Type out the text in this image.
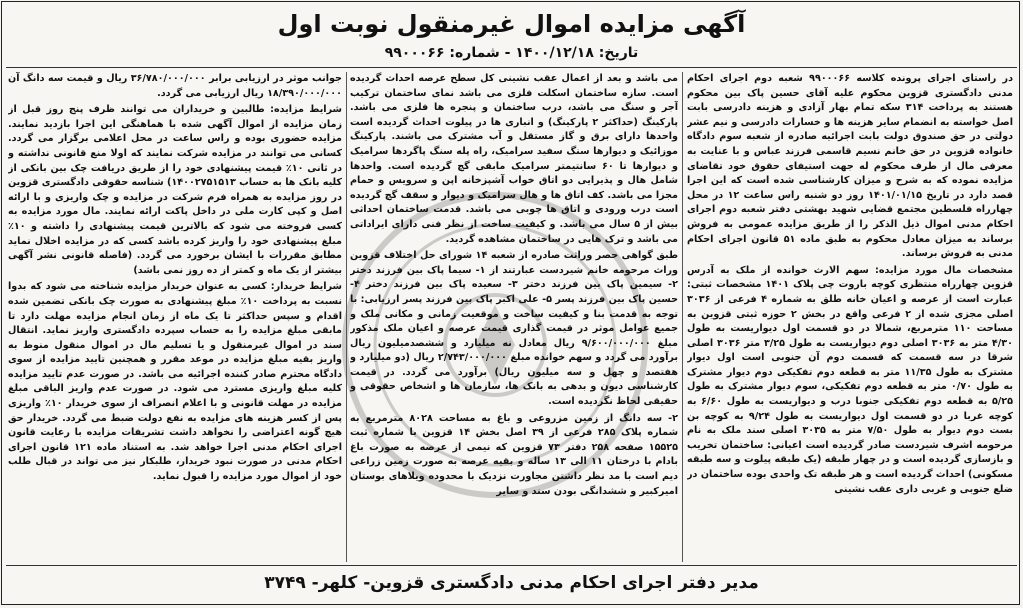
آگهی مزایده اموال غیرمنقول نوبت اول
تاریخ: ۱۴۰۰/۱۲/۱۸ - شماره: ۹۹۰۰۰۶۶

در راستای اجرای پرونده کلاسه ۹۹۰۰۰۶۶ شعبه دوم اجرای احکام مدنی دادگستری قزوین محکوم علیه آقای حسین پاک بین محکوم هستند به پرداخت ۳۱۴ سکه تمام بهار آزادی و هزینه دادرسی بابت اصل خواسته به انضمام سایر هزینه ها و خسارات دادرسی و نیم عشر دولتی در حق صندوق دولت بابت اجرائیه صادره از شعبه سوم دادگاه خانواده قزوین در حق خانم نسیم قاسمی فرزند عباس و با عنایت به معرفی مال از طرف محکوم له جهت استیفای حقوق خود تقاضای مزایده نموده که به شرح و میزان کارشناسی شده است که این اجرا قصد دارد در تاریخ ۱۴۰۱/۰۱/۱۵ روز دو شنبه راس ساعت ۱۲ در محل چهارراه فلسطین مجتمع قضایی شهید بهشتی دفتر شعبه دوم اجرای احکام مدنی اموال ذیل الذکر را از طریق مزایده عمومی به فروش برساند به میزان معادل محکوم به طبق ماده ۵۱ قانون اجرای احکام مدنی به فروش برساند.

مشخصات مال مورد مزایده: سهم الارث خوانده از ملک به آدرس قزوین چهارراه منتظری کوچه باروت چی پلاک ۱۴۰۱ مشخصات ثبتی: عبارت است از عرصه و اعیان خانه طلق به شماره ۴ فرعی از ۳۰۳۶ اصلی مجزی شده از ۲ فرعی واقع در بخش ۲ حوزه ثبتی قزوین به مساحت ۱۱۰ مترمربع، شمالا در دو قسمت اول دیواریست به طول ۴/۳۰ متر به ۳۰۳۶ اصلی دوم دیواریست به طول ۳/۲۵ متر ۳۰۳۶ اصلی شرقا در سه قسمت که قسمت دوم آن جنوبی است اول دیوار مشترک به طول ۱۱/۳۵ متر به قطعه دوم تفکیکی دوم دیوار مشترک به طول ۰/۷۰ متر به قطعه دوم تفکیکی، سوم دیوار مشترک به طول ۵/۲۵ به قطعه دوم تفکیکی جنوبا درب و دیواریست به طول ۶/۶۰ به کوچه غربا در دو قسمت اول دیواریست به طول ۹/۲۴ به کوچه بن بست دوم دیوار به طول ۷/۵۰ متر به ۳۰۳۵ اصلی سند ملک به نام مرحومه اشرف شیردست صادر گردیده است اعیانی: ساختمان تخریب و بازسازی گردیده است و در چهار طبقه (یک طبقه پیلوت و سه طبقه مسکونی) احداث گردیده است و هر طبقه تک واحدی بوده ساختمان در ضلع جنوبی و غربی داری عقب نشینی

می باشد و بعد از اعمال عقب نشینی کل سطح عرصه احداث گردیده است. سازه ساختمان اسکلت فلزی می باشد نمای ساختمان ترکیب آجر و سنگ می باشد، درب ساختمان و پنجره ها فلزی می باشد. پارکینگ (حداکثر ۲ پارکینگ) و انباری ها در پیلوت احداث گردیده است واحدها دارای برق و گاز مستقل و آب مشترک می باشند. پارکینگ موزائیک و دیوارها سنگ سفید سرامیک، راه پله سنگ پاگردها سرامیک و دیوارها تا ۶۰ سانتیمتر سرامیک مابقی گچ گردیده است. واحدها شامل هال و پذیرایی دو اتاق خواب آشپزخانه اپن و سرویس و حمام مجزا می باشد. کف اتاق ها و هال سرامیک و دیوار و سقف گچ گردیده است درب ورودی و اتاق ها چوبی می باشد. قدمت ساختمان احداثی بیش از ۵ سال می باشد. و کیفیت ساخت از نظر فنی دارای ایراداتی می باشد و ترک هایی در ساختمان مشاهده گردید.

طبق گواهی حصر وراثت صادره از شعبه ۱۴ شورای حل اختلاف قزوین وراث مرحومه خانم شیردست عبارتند از ۱- سیما پاک بین فرزند دختر ۲- سیمین پاک بین فرزند دختر ۳- سعیده پاک بین فرزند دختر ۴- حسین پاک بین فرزند پسر ۵- علی اکبر پاک بین فرزند پسر ارزیابی: با توجه به قدمت بنا و کیفیت ساخت و موقعیت زمانی و مکانی ملک و جمیع عوامل موثر در قیمت گذاری قیمت عرصه و اعیان ملک مذکور مبلغ ۹/۶۰۰/۰۰۰/۰۰۰ ریال معادل نه میلیارد و ششصدمیلیون ریال برآورد می گردد و سهم خوانده مبلغ ۲/۷۴۳/۰۰۰/۰۰۰ ریال (دو میلیارد و هفتصد و چهل و سه میلیون ریال) برآورد می گردد. در قیمت کارشناسی دیون و بدهی به بانک ها، سازمان ها و اشخاص حقوقی و حقیقی لحاظ نگردیده است.

۲- سه دانگ از زمین مزروعی و باغ به مساحت ۸۰۲۸ مترمربع به شماره پلاک ۲۸۵ فرعی از ۳۹ اصل بخش ۱۴ قزوین با شماره ثبت ۱۵۵۲۵ صفحه ۲۵۸ دفتر ۷۳ قزوین که نیمی از عرصه به صورت باغ بادام با درختان ۱۱ الی ۱۳ ساله و بقیه عرصه به صورت زمین زراعی دیم است با مد نظر داشتن مجاورت نزدیک با محدوده ویلاهای بوستان امیرکبیر و ششدانگی بودن سند و سایر

جوانب موثر در ارزیابی برابر ۳۶/۷۸۰/۰۰۰/۰۰۰ ریال و قیمت سه دانگ آن ۱۸/۳۹۰/۰۰۰/۰۰۰ ریال ارزیابی می گردد.

شرایط مزایده: طالبین و خریداران می توانند ظرف پنج روز قبل از زمان مزایده از اموال آگهی شده با هماهنگی این اجرا بازدید نمایند. مزایده حضوری بوده و راس ساعت در محل اعلامی برگزار می گردد. کسانی می توانند در مزایده شرکت نمایند که اولا منع قانونی نداشته و در ثانی ۱۰٪ قیمت پیشنهادی خود را از طریق دریافت چک بین بانکی از کلیه بانک ها به حساب ۱۴۰۰۲۷۵۱۵۱۳) شناسه حقوقی دادگستری قزوین در روز مزایده به همراه فرم شرکت در مزایده و چک واریزی و با ارائه اصل و کپی کارت ملی در داخل پاکت ارائه نمایند. مال مورد مزایده به کسی فروخته می شود که بالاترین قیمت پیشنهادی را داشته و ۱۰٪ مبلغ پیشنهادی خود را واریز کرده باشد کسی که در مزایده اخلال نماید مطابق مقررات با ایشان برخورد می گردد. (فاصله قانونی نشر آگهی بیشتر از یک ماه و کمتر از ده روز نمی باشد)

شرایط خریدار: کسی به عنوان خریدار مزایده شناخته می شود که بدوا نسبت به پرداخت ۱۰٪ مبلغ پیشنهادی به صورت چک بانکی تضمین شده اقدام و سپس حداکثر تا یک ماه از زمان انجام مزایده مهلت دارد تا مابقی مبلغ مزایده را به حساب سپرده دادگستری واریز نماید. انتقال سند در اموال غیرمنقول و یا تسلیم مال در اموال منقول منوط به واریز بقیه مبلغ مزایده در موعد مقرر و همچنین تایید مزایده از سوی دادگاه محترم صادر کننده اجرائیه می باشد. در صورت عدم تایید مزایده کلیه مبلغ واریزی مسترد می شود. در صورت عدم واریز الباقی مبلغ مزایده در مهلت قانونی و با اعلام انصراف از سوی خریدار ۱۰٪ واریزی پس از کسر هزینه های مزایده به نفع دولت ضبط می گردد. خریدار حق هیچ گونه اعتراضی را نخواهد داشت تشریفات مزایده با رعایت قانون اجرای احکام مدنی اجرا خواهد شد. به استناد ماده ۱۲۱ قانون اجرای احکام مدنی در صورت نبود خریدار، طلبکار نیز می تواند در قبال طلب خود از اموال مورد مزایده را قبول نماید.

مدیر دفتر اجرای احکام مدنی دادگستری قزوین- کلهر- ۳۷۴۹
